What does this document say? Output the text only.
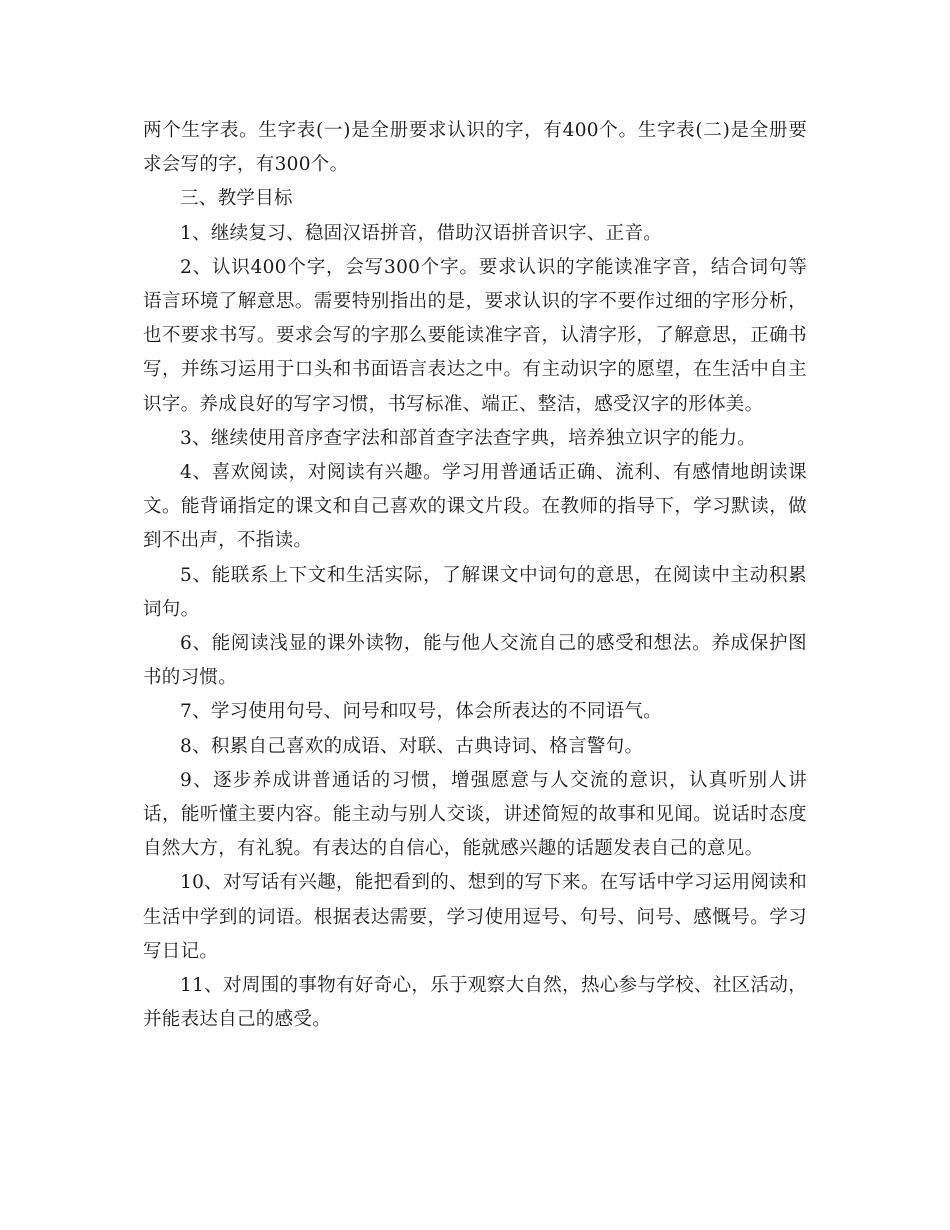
两个生字表。生字表(一)是全册要求认识的字，有400个。生字表(二)是全册要求会写的字，有300个。

三、教学目标

1、继续复习、稳固汉语拼音，借助汉语拼音识字、正音。

2、认识400个字，会写300个字。要求认识的字能读准字音，结合词句等语言环境了解意思。需要特别指出的是，要求认识的字不要作过细的字形分析，也不要求书写。要求会写的字那么要能读准字音，认清字形，了解意思，正确书写，并练习运用于口头和书面语言表达之中。有主动识字的愿望，在生活中自主识字。养成良好的写字习惯，书写标准、端正、整洁，感受汉字的形体美。

3、继续使用音序查字法和部首查字法查字典，培养独立识字的能力。

4、喜欢阅读，对阅读有兴趣。学习用普通话正确、流利、有感情地朗读课文。能背诵指定的课文和自己喜欢的课文片段。在教师的指导下，学习默读，做到不出声，不指读。

5、能联系上下文和生活实际，了解课文中词句的意思，在阅读中主动积累词句。

6、能阅读浅显的课外读物，能与他人交流自己的感受和想法。养成保护图书的习惯。

7、学习使用句号、问号和叹号，体会所表达的不同语气。

8、积累自己喜欢的成语、对联、古典诗词、格言警句。

9、逐步养成讲普通话的习惯，增强愿意与人交流的意识，认真听别人讲话，能听懂主要内容。能主动与别人交谈，讲述简短的故事和见闻。说话时态度自然大方，有礼貌。有表达的自信心，能就感兴趣的话题发表自己的意见。

10、对写话有兴趣，能把看到的、想到的写下来。在写话中学习运用阅读和生活中学到的词语。根据表达需要，学习使用逗号、句号、问号、感慨号。学习写日记。

11、对周围的事物有好奇心，乐于观察大自然，热心参与学校、社区活动，并能表达自己的感受。
